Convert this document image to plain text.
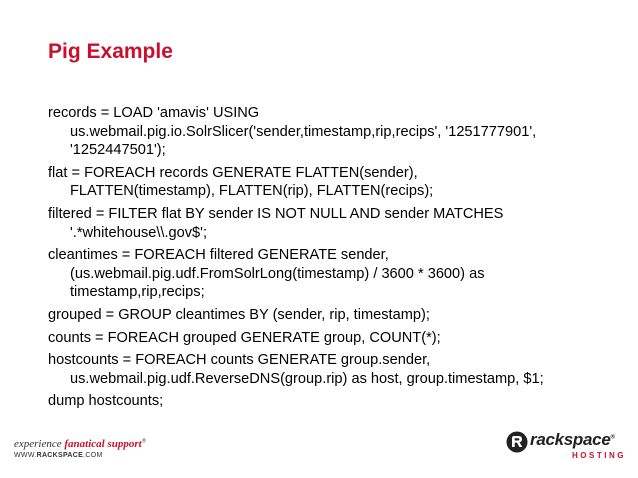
Pig Example
records = LOAD 'amavis' USING
us.webmail.pig.io.SolrSlicer('sender,timestamp,rip,recips', '1251777901',
'1252447501');
flat = FOREACH records GENERATE FLATTEN(sender),
FLATTEN(timestamp), FLATTEN(rip), FLATTEN(recips);
filtered = FILTER flat BY sender IS NOT NULL AND sender MATCHES
'.*whitehouse\\.gov$';
cleantimes = FOREACH filtered GENERATE sender,
(us.webmail.pig.udf.FromSolrLong(timestamp) / 3600 * 3600) as
timestamp,rip,recips;
grouped = GROUP cleantimes BY (sender, rip, timestamp);
counts = FOREACH grouped GENERATE group, COUNT(*);
hostcounts = FOREACH counts GENERATE group.sender,
us.webmail.pig.udf.ReverseDNS(group.rip) as host, group.timestamp, $1;
dump hostcounts;
experience fanatical support®
WWW.RACKSPACE.COM
rackspace®
HOSTING
